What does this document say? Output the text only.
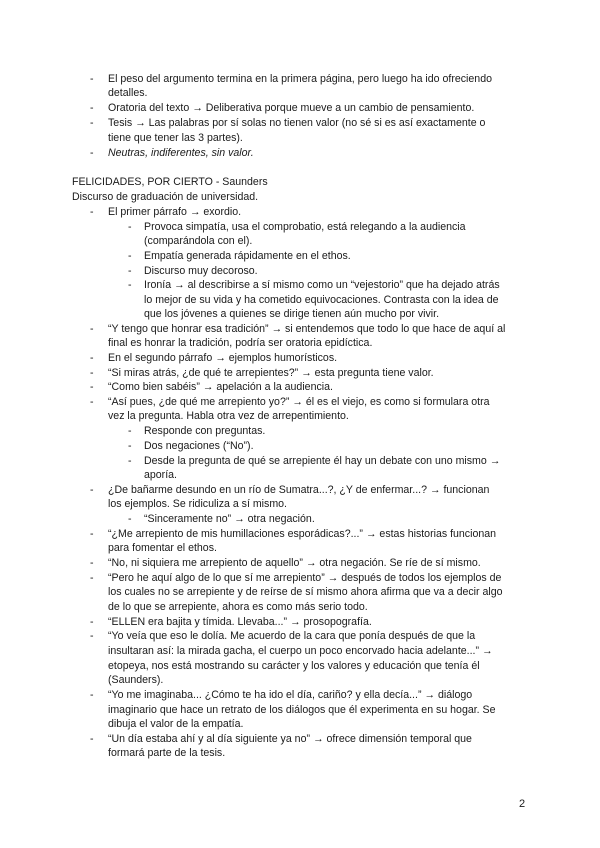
- El peso del argumento termina en la primera página, pero luego ha ido ofreciendo
detalles.
- Oratoria del texto → Deliberativa porque mueve a un cambio de pensamiento.
- Tesis → Las palabras por sí solas no tienen valor (no sé si es así exactamente o
tiene que tener las 3 partes).
- Neutras, indiferentes, sin valor.
FELICIDADES, POR CIERTO - Saunders
Discurso de graduación de universidad.
- El primer párrafo → exordio.
- Provoca simpatía, usa el comprobatio, está relegando a la audiencia
(comparándola con el).
- Empatía generada rápidamente en el ethos.
- Discurso muy decoroso.
- Ironía → al describirse a sí mismo como un “vejestorio” que ha dejado atrás
lo mejor de su vida y ha cometido equivocaciones. Contrasta con la idea de
que los jóvenes a quienes se dirige tienen aún mucho por vivir.
- “Y tengo que honrar esa tradición” → si entendemos que todo lo que hace de aquí al
final es honrar la tradición, podría ser oratoria epidíctica.
- En el segundo párrafo → ejemplos humorísticos.
- “Si miras atrás, ¿de qué te arrepientes?” → esta pregunta tiene valor.
- “Como bien sabéis” → apelación a la audiencia.
- “Así pues, ¿de qué me arrepiento yo?” → él es el viejo, es como si formulara otra
vez la pregunta. Habla otra vez de arrepentimiento.
- Responde con preguntas.
- Dos negaciones (“No”).
- Desde la pregunta de qué se arrepiente él hay un debate con uno mismo →
aporía.
- ¿De bañarme desundo en un río de Sumatra...?, ¿Y de enfermar...? → funcionan
los ejemplos. Se ridiculiza a sí mismo.
- “Sinceramente no” → otra negación.
- “¿Me arrepiento de mis humillaciones esporádicas?...” → estas historias funcionan
para fomentar el ethos.
- “No, ni siquiera me arrepiento de aquello” → otra negación. Se ríe de sí mismo.
- “Pero he aquí algo de lo que sí me arrepiento” → después de todos los ejemplos de
los cuales no se arrepiente y de reírse de sí mismo ahora afirma que va a decir algo
de lo que se arrepiente, ahora es como más serio todo.
- “ELLEN era bajita y tímida. Llevaba...” → prosopografía.
- “Yo veía que eso le dolía. Me acuerdo de la cara que ponía después de que la
insultaran así: la mirada gacha, el cuerpo un poco encorvado hacia adelante...” →
etopeya, nos está mostrando su carácter y los valores y educación que tenía él
(Saunders).
- “Yo me imaginaba... ¿Cómo te ha ido el día, cariño? y ella decía...” → diálogo
imaginario que hace un retrato de los diálogos que él experimenta en su hogar. Se
dibuja el valor de la empatía.
- “Un día estaba ahí y al día siguiente ya no” → ofrece dimensión temporal que
formará parte de la tesis.
2
